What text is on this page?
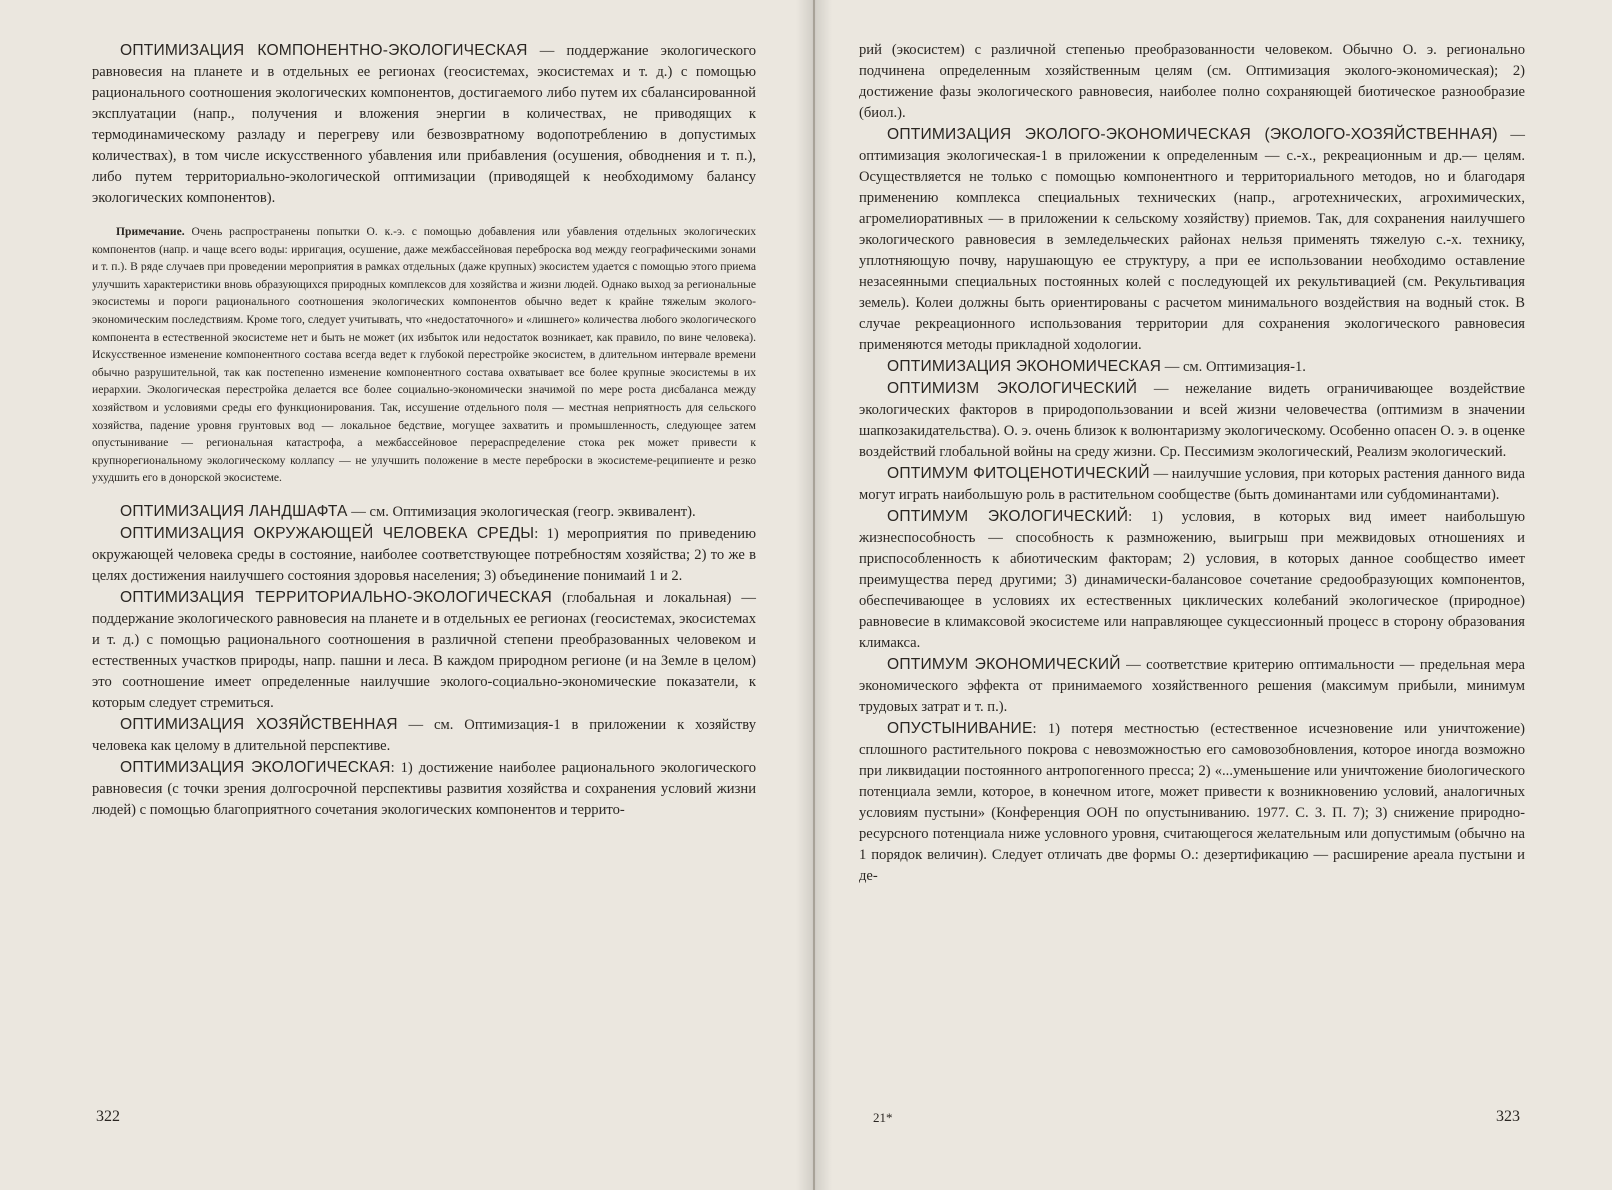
ОПТИМИЗАЦИЯ КОМПОНЕНТНО-ЭКОЛОГИЧЕСКАЯ — поддержание экологического равновесия на планете и в отдельных ее регионах (геосистемах, экосистемах и т. д.) с помощью рационального соотношения экологических компонентов, достигаемого либо путем их сбалансированной эксплуатации (напр., получения и вложения энергии в количествах, не приводящих к термодинамическому разладу и перегреву или безвозвратному водопотреблению в допустимых количествах), в том числе искусственного убавления или прибавления (осушения, обводнения и т. п.), либо путем территориально-экологической оптимизации (приводящей к необходимому балансу экологических компонентов).

Примечание. Очень распространены попытки О. к.-э. с помощью добавления или убавления отдельных экологических компонентов (напр. и чаще всего воды: ирригация, осушение, даже межбассейновая переброска вод между географическими зонами и т. п.). В ряде случаев при проведении мероприятия в рамках отдельных (даже крупных) экосистем удается с помощью этого приема улучшить характеристики вновь образующихся природных комплексов для хозяйства и жизни людей. Однако выход за региональные экосистемы и пороги рационального соотношения экологических компонентов обычно ведет к крайне тяжелым эколого-экономическим последствиям. Кроме того, следует учитывать, что «недостаточного» и «лишнего» количества любого экологического компонента в естественной экосистеме нет и быть не может (их избыток или недостаток возникает, как правило, по вине человека). Искусственное изменение компонентного состава всегда ведет к глубокой перестройке экосистем, в длительном интервале времени обычно разрушительной, так как постепенно изменение компонентного состава охватывает все более крупные экосистемы в их иерархии. Экологическая перестройка делается все более социально-экономически значимой по мере роста дисбаланса между хозяйством и условиями среды его функционирования. Так, иссушение отдельного поля — местная неприятность для сельского хозяйства, падение уровня грунтовых вод — локальное бедствие, могущее захватить и промышленность, следующее затем опустынивание — региональная катастрофа, а межбассейновое перераспределение стока рек может привести к крупнорегиональному экологическому коллапсу — не улучшить положение в месте переброски в экосистеме-реципиенте и резко ухудшить его в донорской экосистеме.

ОПТИМИЗАЦИЯ ЛАНДШАФТА — см. Оптимизация экологическая (геогр. эквивалент).

ОПТИМИЗАЦИЯ ОКРУЖАЮЩЕЙ ЧЕЛОВЕКА СРЕДЫ: 1) мероприятия по приведению окружающей человека среды в состояние, наиболее соответствующее потребностям хозяйства; 2) то же в целях достижения наилучшего состояния здоровья населения; 3) объединение понимаий 1 и 2.

ОПТИМИЗАЦИЯ ТЕРРИТОРИАЛЬНО-ЭКОЛОГИЧЕСКАЯ (глобальная и локальная) — поддержание экологического равновесия на планете и в отдельных ее регионах (геосистемах, экосистемах и т. д.) с помощью рационального соотношения в различной степени преобразованных человеком и естественных участков природы, напр. пашни и леса. В каждом природном регионе (и на Земле в целом) это соотношение имеет определенные наилучшие эколого-социально-экономические показатели, к которым следует стремиться.

ОПТИМИЗАЦИЯ ХОЗЯЙСТВЕННАЯ — см. Оптимизация-1 в приложении к хозяйству человека как целому в длительной перспективе.

ОПТИМИЗАЦИЯ ЭКОЛОГИЧЕСКАЯ: 1) достижение наиболее рационального экологического равновесия (с точки зрения долгосрочной перспективы развития хозяйства и сохранения условий жизни людей) с помощью благоприятного сочетания экологических компонентов и террито-

322

рий (экосистем) с различной степенью преобразованности человеком. Обычно О. э. регионально подчинена определенным хозяйственным целям (см. Оптимизация эколого-экономическая); 2) достижение фазы экологического равновесия, наиболее полно сохраняющей биотическое разнообразие (биол.).

ОПТИМИЗАЦИЯ ЭКОЛОГО-ЭКОНОМИЧЕСКАЯ (ЭКОЛОГО-ХОЗЯЙСТВЕННАЯ) — оптимизация экологическая-1 в приложении к определенным — с.-х., рекреационным и др.— целям. Осуществляется не только с помощью компонентного и территориального методов, но и благодаря применению комплекса специальных технических (напр., агротехнических, агрохимических, агромелиоративных — в приложении к сельскому хозяйству) приемов. Так, для сохранения наилучшего экологического равновесия в земледельческих районах нельзя применять тяжелую с.-х. технику, уплотняющую почву, нарушающую ее структуру, а при ее использовании необходимо оставление незасеянными специальных постоянных колей с последующей их рекультивацией (см. Рекультивация земель). Колеи должны быть ориентированы с расчетом минимального воздействия на водный сток. В случае рекреационного использования территории для сохранения экологического равновесия применяются методы прикладной ходологии.

ОПТИМИЗАЦИЯ ЭКОНОМИЧЕСКАЯ — см. Оптимизация-1.

ОПТИМИЗМ ЭКОЛОГИЧЕСКИЙ — нежелание видеть ограничивающее воздействие экологических факторов в природопользовании и всей жизни человечества (оптимизм в значении шапкозакидательства). О. э. очень близок к волюнтаризму экологическому. Особенно опасен О. э. в оценке воздействий глобальной войны на среду жизни. Ср. Пессимизм экологический, Реализм экологический.

ОПТИМУМ ФИТОЦЕНОТИЧЕСКИЙ — наилучшие условия, при которых растения данного вида могут играть наибольшую роль в растительном сообществе (быть доминантами или субдоминантами).

ОПТИМУМ ЭКОЛОГИЧЕСКИЙ: 1) условия, в которых вид имеет наибольшую жизнеспособность — способность к размножению, выигрыш при межвидовых отношениях и приспособленность к абиотическим факторам; 2) условия, в которых данное сообщество имеет преимущества перед другими; 3) динамически-балансовое сочетание средообразующих компонентов, обеспечивающее в условиях их естественных циклических колебаний экологическое (природное) равновесие в климаксовой экосистеме или направляющее сукцессионный процесс в сторону образования климакса.

ОПТИМУМ ЭКОНОМИЧЕСКИЙ — соответствие критерию оптимальности — предельная мера экономического эффекта от принимаемого хозяйственного решения (максимум прибыли, минимум трудовых затрат и т. п.).

ОПУСТЫНИВАНИЕ: 1) потеря местностью (естественное исчезновение или уничтожение) сплошного растительного покрова с невозможностью его самовозобновления, которое иногда возможно при ликвидации постоянного антропогенного пресса; 2) «...уменьшение или уничтожение биологического потенциала земли, которое, в конечном итоге, может привести к возникновению условий, аналогичных условиям пустыни» (Конференция ООН по опустыниванию. 1977. С. 3. П. 7); 3) снижение природно-ресурсного потенциала ниже условного уровня, считающегося желательным или допустимым (обычно на 1 порядок величин). Следует отличать две формы О.: дезертификацию — расширение ареала пустыни и де-

21*	323
